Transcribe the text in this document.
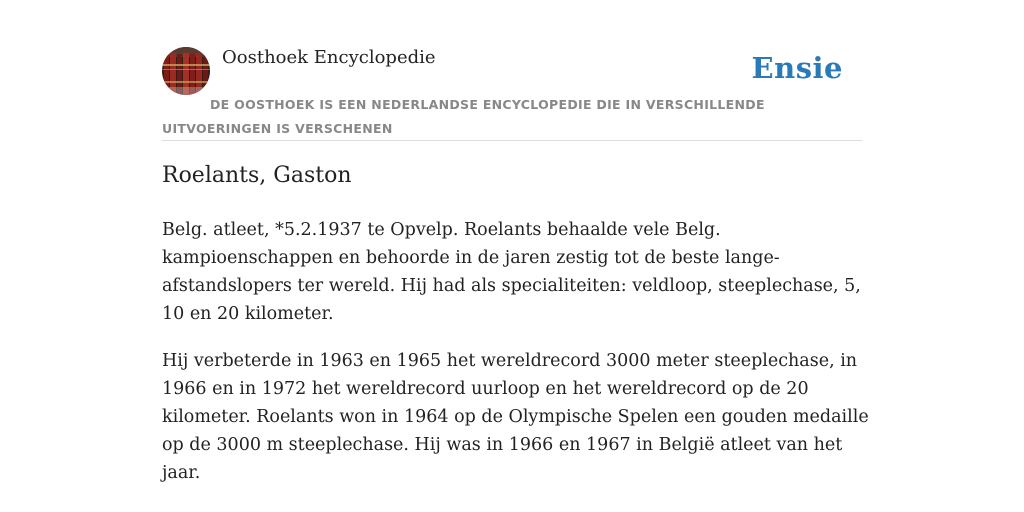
Oosthoek Encyclopedie	Ensie
DE OOSTHOEK IS EEN NEDERLANDSE ENCYCLOPEDIE DIE IN VERSCHILLENDE UITVOERINGEN IS VERSCHENEN
Roelants, Gaston

Belg. atleet, *5.2.1937 te Opvelp. Roelants behaalde vele Belg. kampioenschappen en behoorde in de jaren zestig tot de beste lange-afstandslopers ter wereld. Hij had als specialiteiten: veldloop, steeplechase, 5, 10 en 20 kilometer.

Hij verbeterde in 1963 en 1965 het wereldrecord 3000 meter steeplechase, in 1966 en in 1972 het wereldrecord uurloop en het wereldrecord op de 20 kilometer. Roelants won in 1964 op de Olympische Spelen een gouden medaille op de 3000 m steeplechase. Hij was in 1966 en 1967 in België atleet van het jaar.
